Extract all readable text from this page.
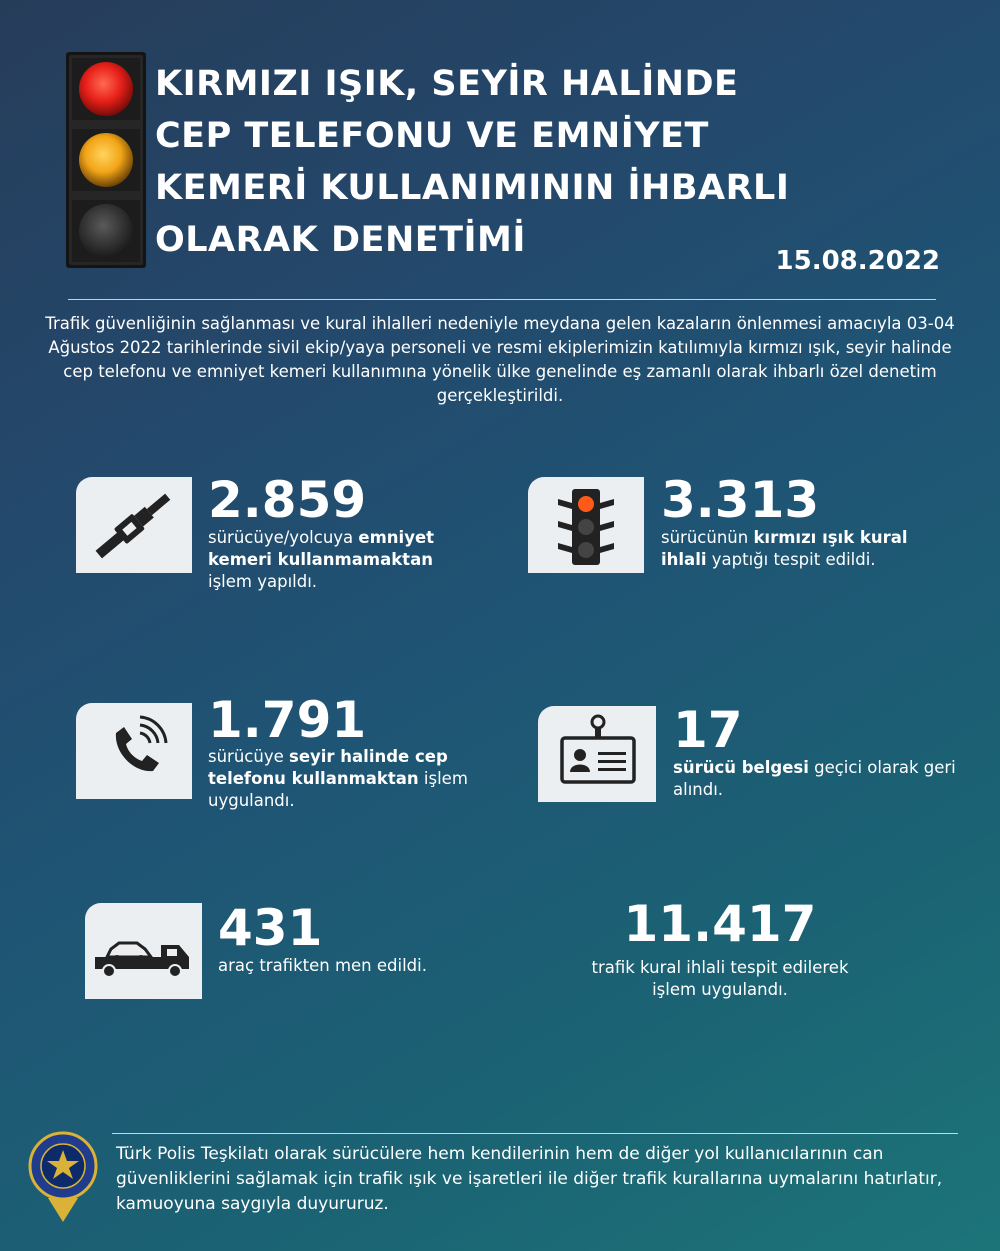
KIRMIZI IŞIK, SEYİR HALİNDE
CEP TELEFONU VE EMNİYET
KEMERİ KULLANIMININ İHBARLI
OLARAK DENETİMİ

15.08.2022

Trafik güvenliğinin sağlanması ve kural ihlalleri nedeniyle meydana gelen kazaların önlenmesi amacıyla 03-04 Ağustos 2022 tarihlerinde sivil ekip/yaya personeli ve resmi ekiplerimizin katılımıyla kırmızı ışık, seyir halinde cep telefonu ve emniyet kemeri kullanımına yönelik ülke genelinde eş zamanlı olarak ihbarlı özel denetim gerçekleştirildi.

2.859

sürücüye/yolcuya emniyet kemeri kullanmamaktan işlem yapıldı.

3.313

sürücünün kırmızı ışık kural ihlali yaptığı tespit edildi.

1.791

sürücüye seyir halinde cep telefonu kullanmaktan işlem uygulandı.

17

sürücü belgesi geçici olarak geri alındı.

431

araç trafikten men edildi.

11.417

trafik kural ihlali tespit edilerek işlem uygulandı.

Türk Polis Teşkilatı olarak sürücülere hem kendilerinin hem de diğer yol kullanıcılarının can güvenliklerini sağlamak için trafik ışık ve işaretleri ile diğer trafik kurallarına uymalarını hatırlatır, kamuoyuna saygıyla duyururuz.
